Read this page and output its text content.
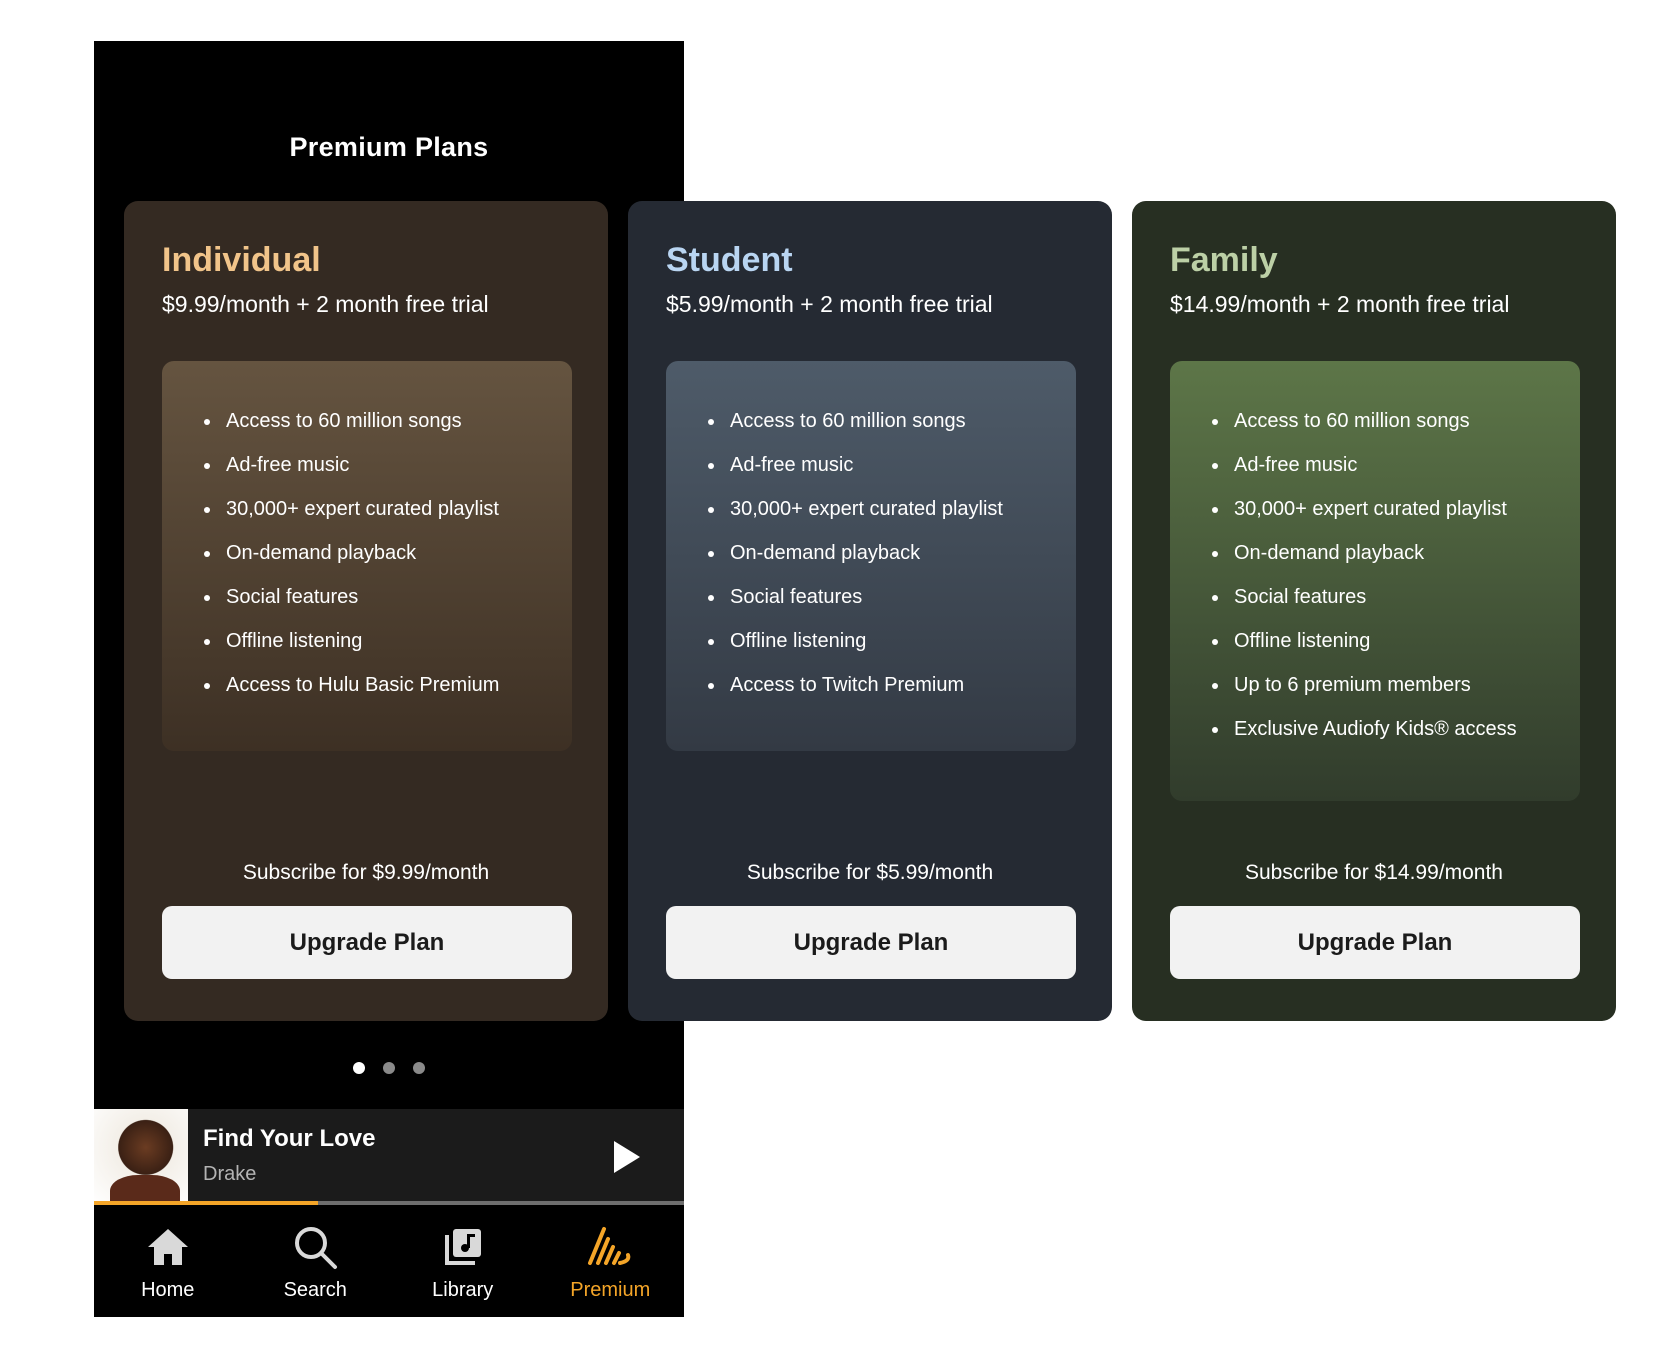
Premium Plans
Individual
$9.99/month + 2 month free trial
Access to 60 million songs
Ad-free music
30,000+ expert curated playlist
On-demand playback
Social features
Offline listening
Access to Hulu Basic Premium
Subscribe for $9.99/month
Upgrade Plan
Student
$5.99/month + 2 month free trial
Access to 60 million songs
Ad-free music
30,000+ expert curated playlist
On-demand playback
Social features
Offline listening
Access to Twitch Premium
Subscribe for $5.99/month
Upgrade Plan
Family
$14.99/month + 2 month free trial
Access to 60 million songs
Ad-free music
30,000+ expert curated playlist
On-demand playback
Social features
Offline listening
Up to 6 premium members
Exclusive Audiofy Kids® access
Subscribe for $14.99/month
Upgrade Plan
Find Your Love
Drake
Home	Search	Library	Premium
